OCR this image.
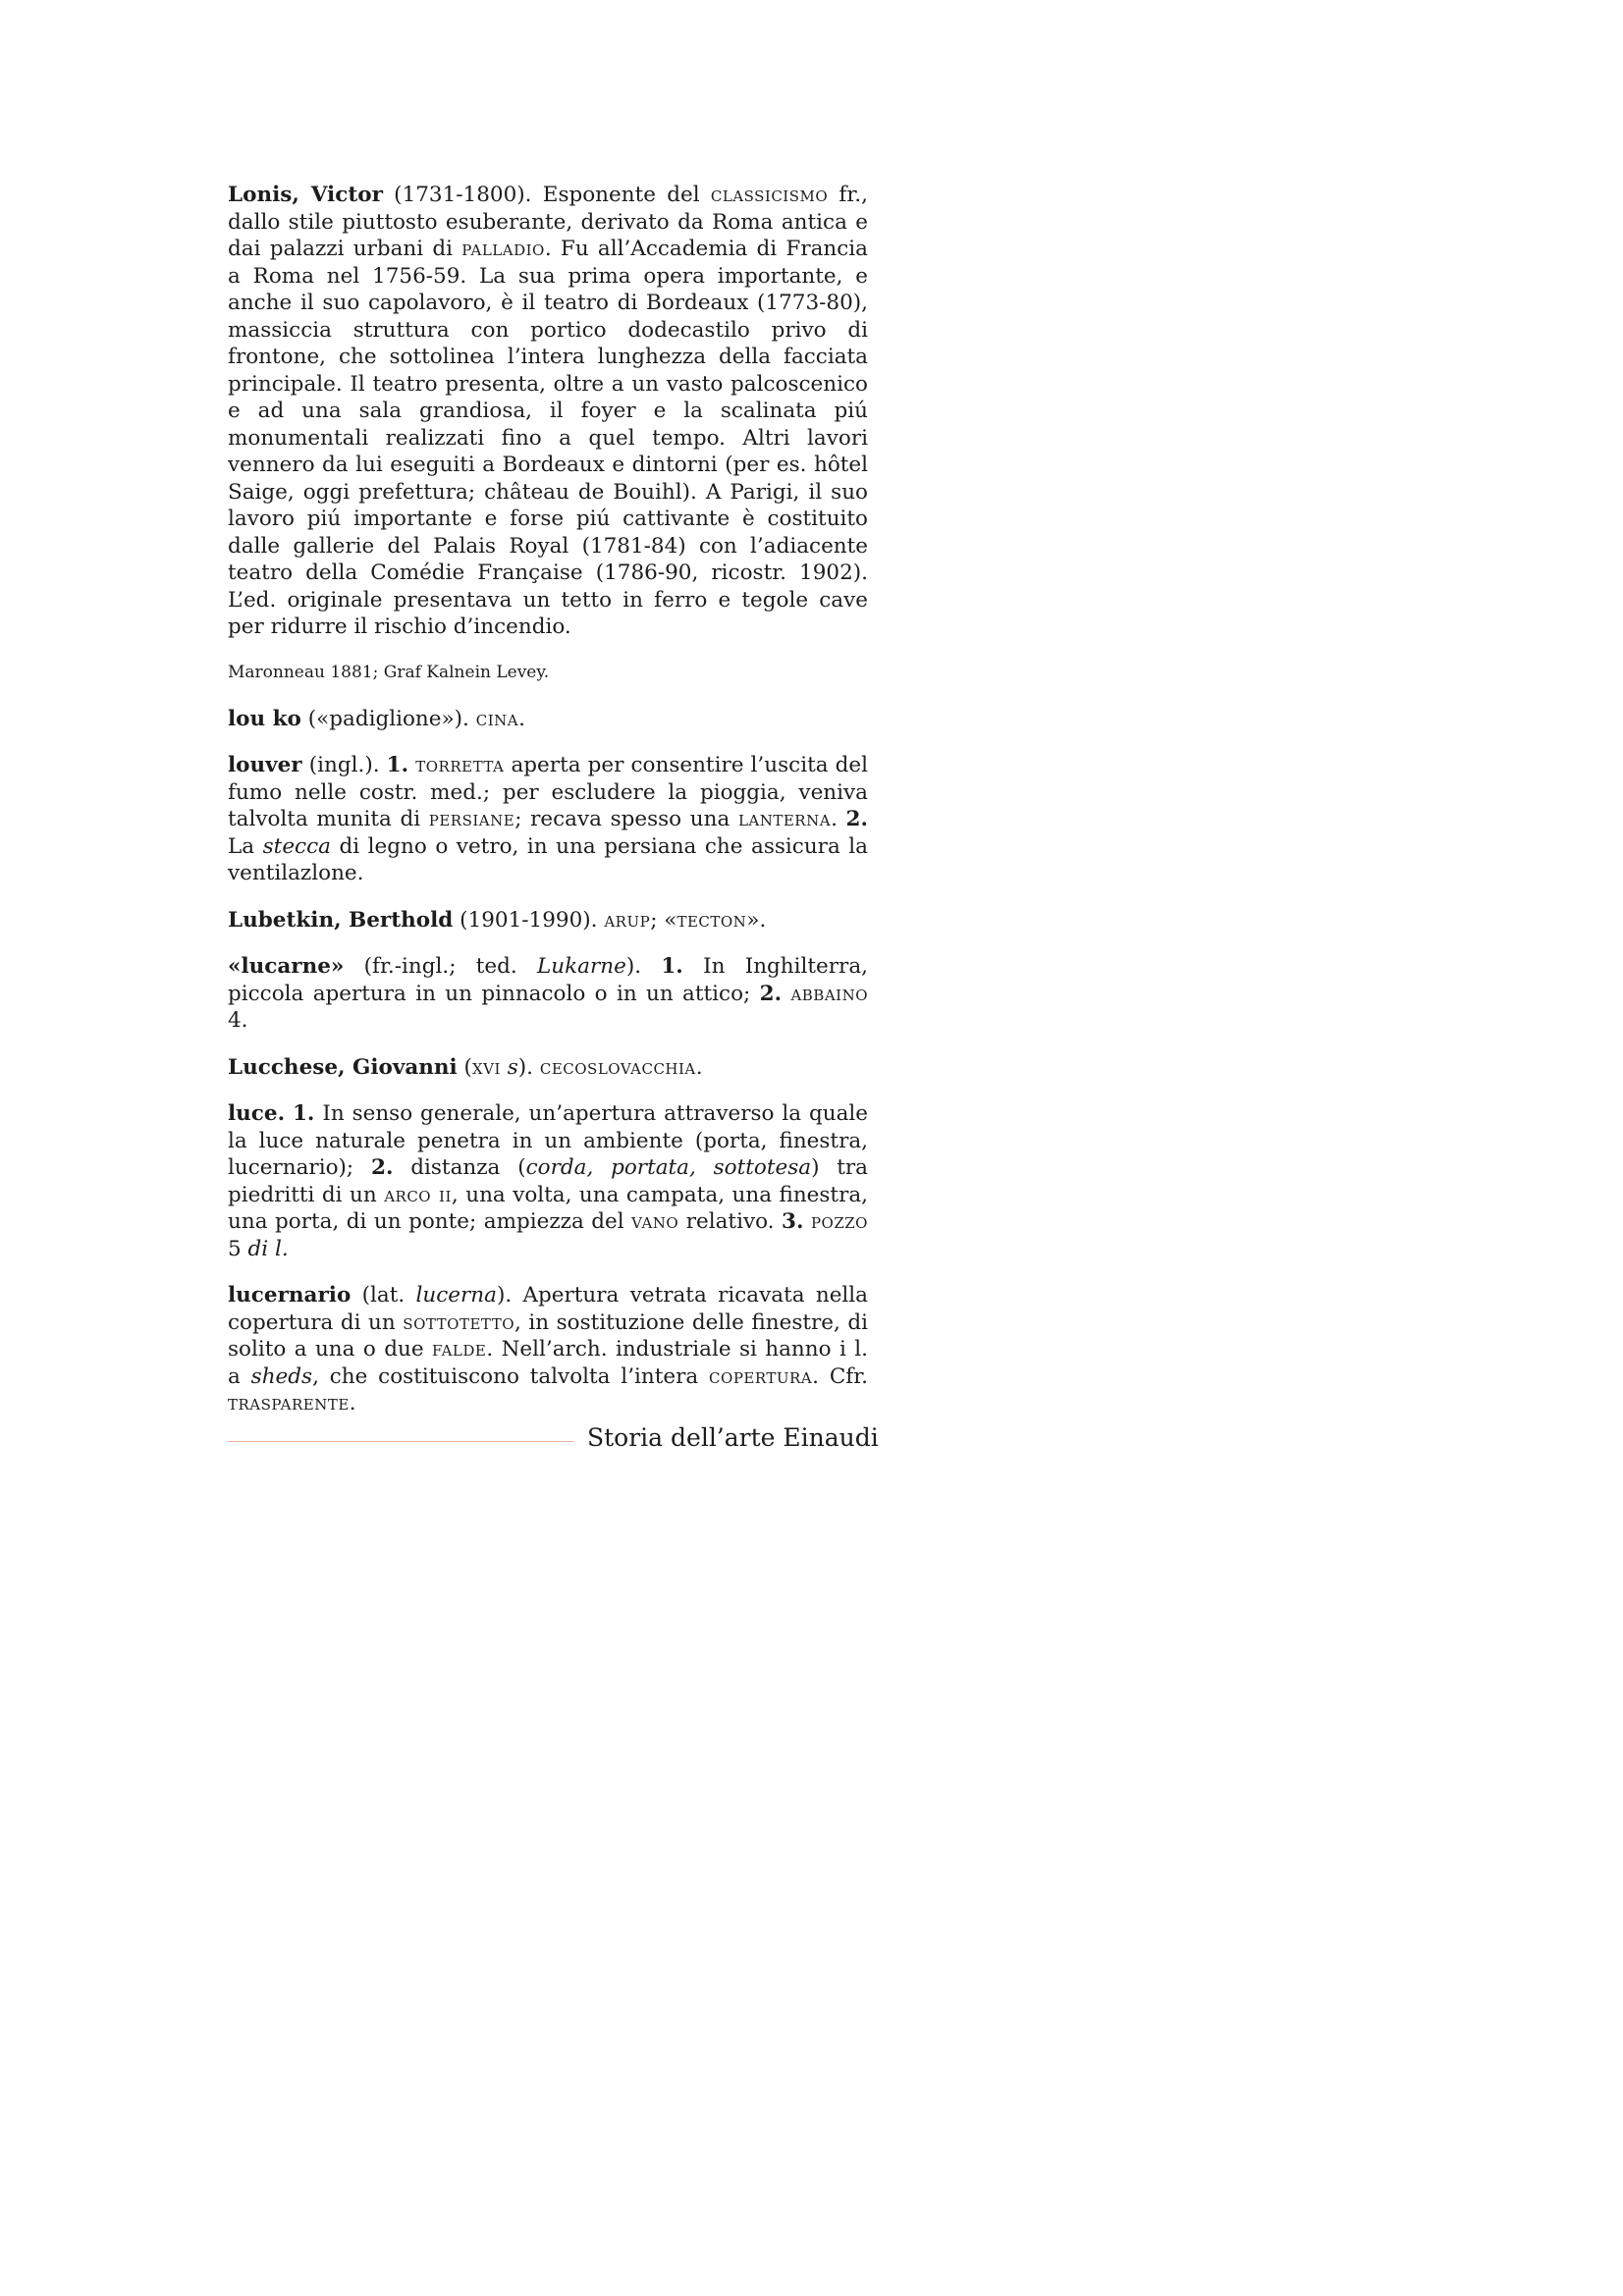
Lonis, Victor (1731-1800). Esponente del classicismo fr., dallo stile piuttosto esuberante, derivato da Roma antica e dai palazzi urbani di palladio. Fu all’Accademia di Francia a Roma nel 1756-59. La sua prima opera importante, e anche il suo capolavoro, è il teatro di Bordeaux (1773-80), massiccia struttura con portico dodecastilo privo di frontone, che sottolinea l’intera lunghezza della facciata principale. Il teatro presenta, oltre a un vasto palcoscenico e ad una sala grandiosa, il foyer e la scalinata piú monumentali realizzati fino a quel tempo. Altri lavori vennero da lui eseguiti a Bordeaux e dintorni (per es. hôtel Saige, oggi prefettura; château de Bouihl). A Parigi, il suo lavoro piú importante e forse piú cattivante è costituito dalle gallerie del Palais Royal (1781-84) con l’adiacente teatro della Comédie Française (1786-90, ricostr. 1902). L’ed. originale presentava un tetto in ferro e tegole cave per ridurre il rischio d’incendio.

Maronneau 1881; Graf Kalnein Levey.

lou ko («padiglione»). cina.

louver (ingl.). 1. torretta aperta per consentire l’uscita del fumo nelle costr. med.; per escludere la pioggia, veniva talvolta munita di persiane; recava spesso una lanterna. 2. La stecca di legno o vetro, in una persiana che assicura la ventilazlone.

Lubetkin, Berthold (1901-1990). arup; «tecton».

«lucarne» (fr.-ingl.; ted. Lukarne). 1. In Inghilterra, piccola apertura in un pinnacolo o in un attico; 2. abbaino 4.

Lucchese, Giovanni (xvi s). cecoslovacchia.

luce. 1. In senso generale, un’apertura attraverso la quale la luce naturale penetra in un ambiente (porta, finestra, lucernario); 2. distanza (corda, portata, sottotesa) tra piedritti di un arco ii, una volta, una campata, una finestra, una porta, di un ponte; ampiezza del vano relativo. 3. pozzo 5 di l.

lucernario (lat. lucerna). Apertura vetrata ricavata nella copertura di un sottotetto, in sostituzione delle finestre, di solito a una o due falde. Nell’arch. industriale si hanno i l. a sheds, che costituiscono talvolta l’intera copertura. Cfr. trasparente.

Storia dell’arte Einaudi
